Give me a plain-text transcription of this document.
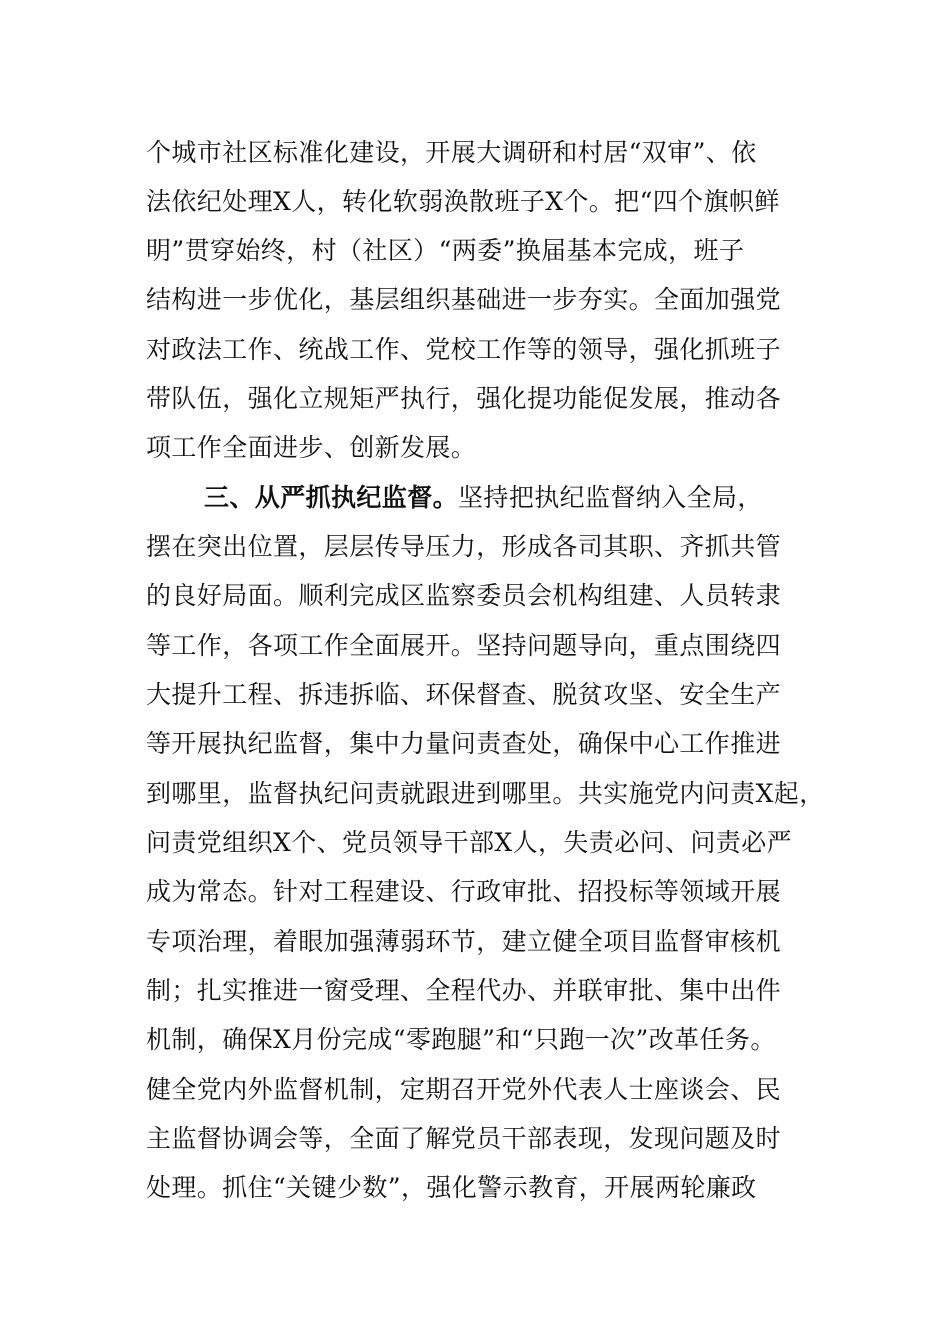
个城市社区标准化建设，开展大调研和村居“双审”、依
法依纪处理X人，转化软弱涣散班子X个。把“四个旗帜鲜
明”贯穿始终，村（社区）“两委”换届基本完成，班子
结构进一步优化，基层组织基础进一步夯实。全面加强党
对政法工作、统战工作、党校工作等的领导，强化抓班子
带队伍，强化立规矩严执行，强化提功能促发展，推动各
项工作全面进步、创新发展。
三、从严抓执纪监督。坚持把执纪监督纳入全局，
摆在突出位置，层层传导压力，形成各司其职、齐抓共管
的良好局面。顺利完成区监察委员会机构组建、人员转隶
等工作，各项工作全面展开。坚持问题导向，重点围绕四
大提升工程、拆违拆临、环保督查、脱贫攻坚、安全生产
等开展执纪监督，集中力量问责查处，确保中心工作推进
到哪里，监督执纪问责就跟进到哪里。共实施党内问责X起，
问责党组织X个、党员领导干部X人，失责必问、问责必严
成为常态。针对工程建设、行政审批、招投标等领域开展
专项治理，着眼加强薄弱环节，建立健全项目监督审核机
制；扎实推进一窗受理、全程代办、并联审批、集中出件
机制，确保X月份完成“零跑腿”和“只跑一次”改革任务。
健全党内外监督机制，定期召开党外代表人士座谈会、民
主监督协调会等，全面了解党员干部表现，发现问题及时
处理。抓住“关键少数”，强化警示教育，开展两轮廉政
